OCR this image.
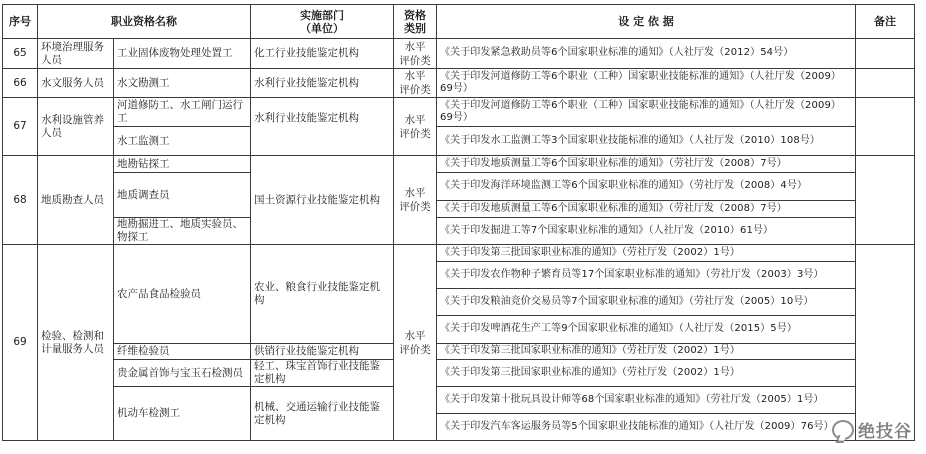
序号	职业资格名称		实施部门
（单位）	资格
类别	设 定 依 据	备注
65	环境治理服务人员	工业固体废物处理处置工	化工行业技能鉴定机构	水平
评价类	《关于印发紧急救助员等6个国家职业标准的通知》（人社厅发（2012）54号）	
66	水文服务人员	水文勘测工	水利行业技能鉴定机构	水平
评价类	《关于印发河道修防工等6个职业（工种）国家职业技能标准的通知》（人社厅发（2009）69号）	
67	水利设施管养人员	河道修防工、水工闸门运行工	水利行业技能鉴定机构	水平
评价类	《关于印发河道修防工等6个职业（工种）国家职业技能标准的通知》（人社厅发（2009）69号）	
		水工监测工			《关于印发水工监测工等3个国家职业技能标准的通知》（人社厅发（2010）108号）	
68	地质勘查人员	地勘钻探工	国土资源行业技能鉴定机构	水平
评价类	《关于印发地质测量工等6个国家职业标准的通知》（劳社厅发（2008）7号）	
		地质调查员			《关于印发海洋环境监测工等6个国家职业标准的通知》（劳社厅发（2008）4号）	
					《关于印发地质测量工等6个国家职业标准的通知》（劳社厅发（2008）7号）	
		地勘掘进工、地质实验员、物探工			《关于印发掘进工等7个国家职业标准的通知》（人社厅发（2010）61号）	
69	检验、检测和计量服务人员	农产品食品检验员	农业、粮食行业技能鉴定机构	水平
评价类	《关于印发第三批国家职业标准的通知》（劳社厅发（2002）1号）	
					《关于印发农作物种子繁育员等17个国家职业标准的通知》（劳社厅发（2003）3号）	
					《关于印发粮油竞价交易员等7个国家职业标准的通知》（劳社厅发（2005）10号）	
					《关于印发啤酒花生产工等9个国家职业标准的通知》（人社厅发（2015）5号）	
		纤维检验员	供销行业技能鉴定机构		《关于印发第三批国家职业标准的通知》（劳社厅发（2002）1号）	
		贵金属首饰与宝玉石检测员	轻工、珠宝首饰行业技能鉴定机构		《关于印发第三批国家职业标准的通知》（劳社厅发（2002）1号）	
		机动车检测工	机械、交通运输行业技能鉴定机构		《关于印发第十批玩具设计师等68个国家职业标准的通知》（劳社厅发（2005）1号）	
					《关于印发汽车客运服务员等5个国家职业技能标准的通知》（人社厅发（2009）76号）	绝技谷
